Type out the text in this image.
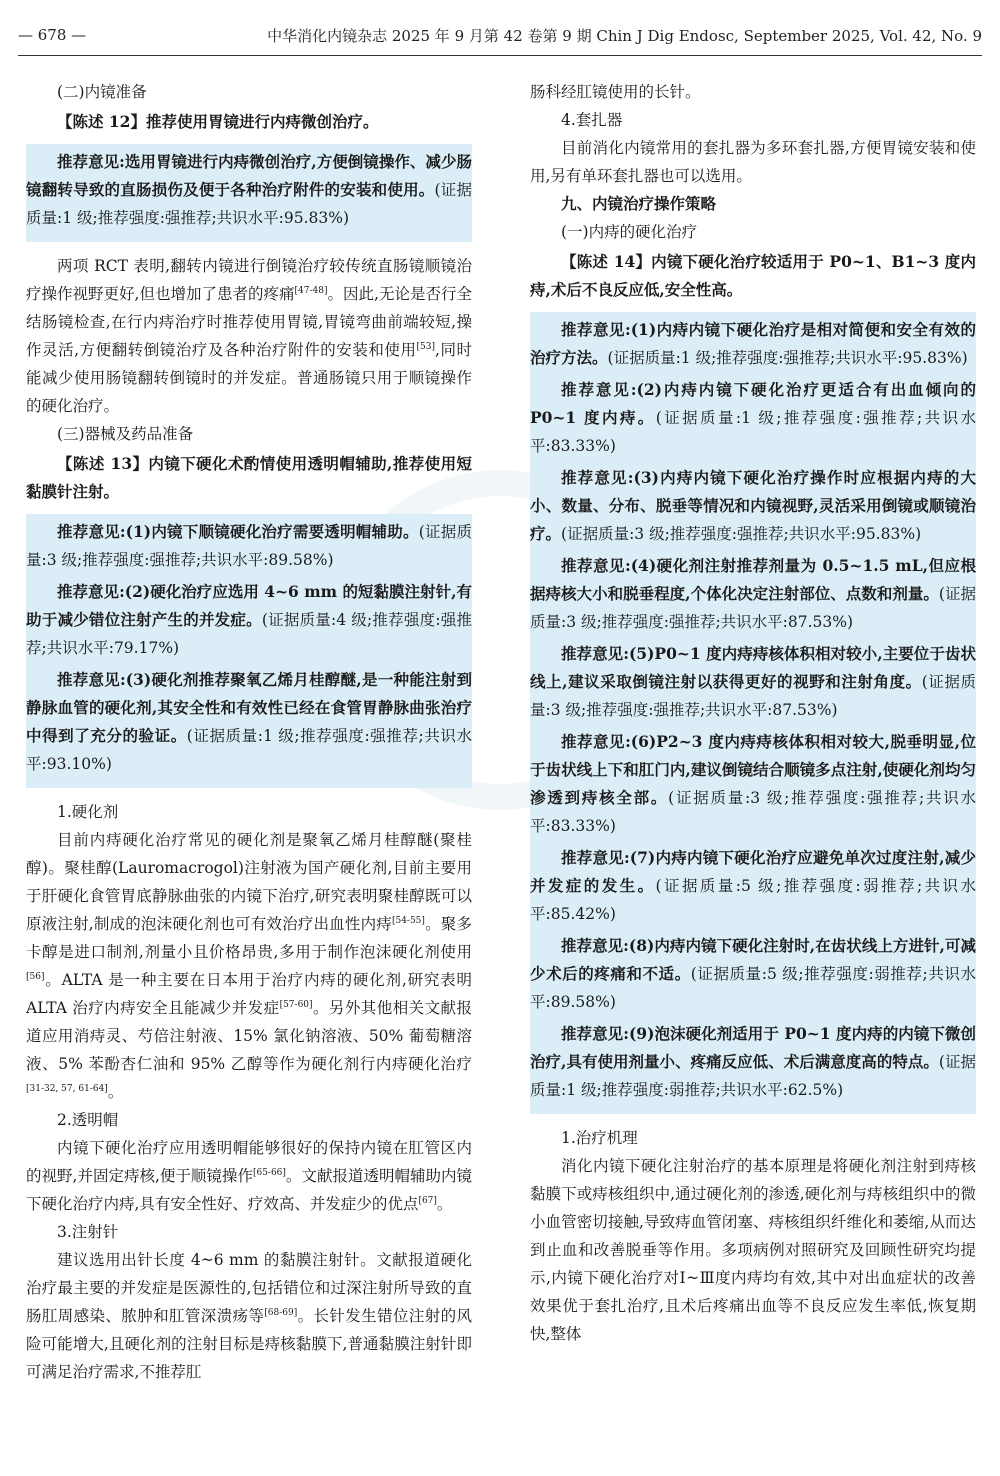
— 678 —	中华消化内镜杂志 2025 年 9 月第 42 卷第 9 期 Chin J Dig Endosc, September 2025, Vol. 42, No. 9

(二)内镜准备

【陈述 12】推荐使用胃镜进行内痔微创治疗。

推荐意见:选用胃镜进行内痔微创治疗,方便倒镜操作、减少肠镜翻转导致的直肠损伤及便于各种治疗附件的安装和使用。(证据质量:1 级;推荐强度:强推荐;共识水平:95.83%)

两项 RCT 表明,翻转内镜进行倒镜治疗较传统直肠镜顺镜治疗操作视野更好,但也增加了患者的疼痛[47-48]。因此,无论是否行全结肠镜检查,在行内痔治疗时推荐使用胃镜,胃镜弯曲前端较短,操作灵活,方便翻转倒镜治疗及各种治疗附件的安装和使用[53],同时能减少使用肠镜翻转倒镜时的并发症。普通肠镜只用于顺镜操作的硬化治疗。

(三)器械及药品准备

【陈述 13】内镜下硬化术酌情使用透明帽辅助,推荐使用短黏膜针注射。

推荐意见:(1)内镜下顺镜硬化治疗需要透明帽辅助。(证据质量:3 级;推荐强度:强推荐;共识水平:89.58%)

推荐意见:(2)硬化治疗应选用 4~6 mm 的短黏膜注射针,有助于减少错位注射产生的并发症。(证据质量:4 级;推荐强度:强推荐;共识水平:79.17%)

推荐意见:(3)硬化剂推荐聚氧乙烯月桂醇醚,是一种能注射到静脉血管的硬化剂,其安全性和有效性已经在食管胃静脉曲张治疗中得到了充分的验证。(证据质量:1 级;推荐强度:强推荐;共识水平:93.10%)

1.硬化剂

目前内痔硬化治疗常见的硬化剂是聚氧乙烯月桂醇醚(聚桂醇)。聚桂醇(Lauromacrogol)注射液为国产硬化剂,目前主要用于肝硬化食管胃底静脉曲张的内镜下治疗,研究表明聚桂醇既可以原液注射,制成的泡沫硬化剂也可有效治疗出血性内痔[54-55]。聚多卡醇是进口制剂,剂量小且价格昂贵,多用于制作泡沫硬化剂使用[56]。ALTA 是一种主要在日本用于治疗内痔的硬化剂,研究表明 ALTA 治疗内痔安全且能减少并发症[57-60]。另外其他相关文献报道应用消痔灵、芍倍注射液、15% 氯化钠溶液、50% 葡萄糖溶液、5% 苯酚杏仁油和 95% 乙醇等作为硬化剂行内痔硬化治疗[31-32, 57, 61-64]。

2.透明帽

内镜下硬化治疗应用透明帽能够很好的保持内镜在肛管区内的视野,并固定痔核,便于顺镜操作[65-66]。文献报道透明帽辅助内镜下硬化治疗内痔,具有安全性好、疗效高、并发症少的优点[67]。

3.注射针

建议选用出针长度 4~6 mm 的黏膜注射针。文献报道硬化治疗最主要的并发症是医源性的,包括错位和过深注射所导致的直肠肛周感染、脓肿和肛管深溃疡等[68-69]。长针发生错位注射的风险可能增大,且硬化剂的注射目标是痔核黏膜下,普通黏膜注射针即可满足治疗需求,不推荐肛

肠科经肛镜使用的长针。

4.套扎器

目前消化内镜常用的套扎器为多环套扎器,方便胃镜安装和使用,另有单环套扎器也可以选用。

九、内镜治疗操作策略

(一)内痔的硬化治疗

【陈述 14】内镜下硬化治疗较适用于 P0~1、B1~3 度内痔,术后不良反应低,安全性高。

推荐意见:(1)内痔内镜下硬化治疗是相对简便和安全有效的治疗方法。(证据质量:1 级;推荐强度:强推荐;共识水平:95.83%)

推荐意见:(2)内痔内镜下硬化治疗更适合有出血倾向的 P0~1 度内痔。(证据质量:1 级;推荐强度:强推荐;共识水平:83.33%)

推荐意见:(3)内痔内镜下硬化治疗操作时应根据内痔的大小、数量、分布、脱垂等情况和内镜视野,灵活采用倒镜或顺镜治疗。(证据质量:3 级;推荐强度:强推荐;共识水平:95.83%)

推荐意见:(4)硬化剂注射推荐剂量为 0.5~1.5 mL,但应根据痔核大小和脱垂程度,个体化决定注射部位、点数和剂量。(证据质量:3 级;推荐强度:强推荐;共识水平:87.53%)

推荐意见:(5)P0~1 度内痔痔核体积相对较小,主要位于齿状线上,建议采取倒镜注射以获得更好的视野和注射角度。(证据质量:3 级;推荐强度:强推荐;共识水平:87.53%)

推荐意见:(6)P2~3 度内痔痔核体积相对较大,脱垂明显,位于齿状线上下和肛门内,建议倒镜结合顺镜多点注射,使硬化剂均匀渗透到痔核全部。(证据质量:3 级;推荐强度:强推荐;共识水平:83.33%)

推荐意见:(7)内痔内镜下硬化治疗应避免单次过度注射,减少并发症的发生。(证据质量:5 级;推荐强度:弱推荐;共识水平:85.42%)

推荐意见:(8)内痔内镜下硬化注射时,在齿状线上方进针,可减少术后的疼痛和不适。(证据质量:5 级;推荐强度:弱推荐;共识水平:89.58%)

推荐意见:(9)泡沫硬化剂适用于 P0~1 度内痔的内镜下微创治疗,具有使用剂量小、疼痛反应低、术后满意度高的特点。(证据质量:1 级;推荐强度:弱推荐;共识水平:62.5%)

1.治疗机理

消化内镜下硬化注射治疗的基本原理是将硬化剂注射到痔核黏膜下或痔核组织中,通过硬化剂的渗透,硬化剂与痔核组织中的微小血管密切接触,导致痔血管闭塞、痔核组织纤维化和萎缩,从而达到止血和改善脱垂等作用。多项病例对照研究及回顾性研究均提示,内镜下硬化治疗对Ⅰ~Ⅲ度内痔均有效,其中对出血症状的改善效果优于套扎治疗,且术后疼痛出血等不良反应发生率低,恢复期快,整体
